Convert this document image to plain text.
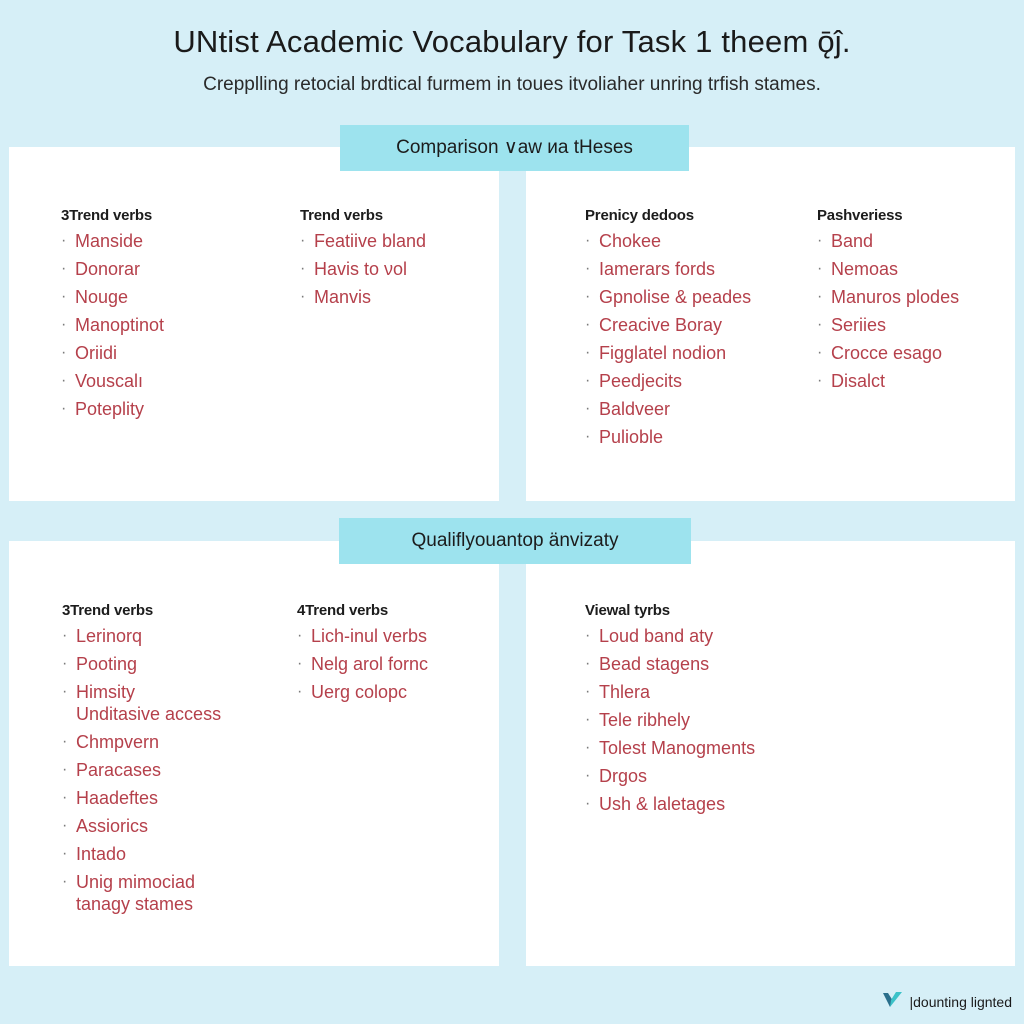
UNtist Academic Vocabulary for Task 1 theem ǭĵ.
Crepplling retocial brdtical furmem in toues itvoliaher unring trfish stames.
3Trend verbs
· Manside
· Donorar
· Nouge
· Manoptinot
· Oriidi
· Vouscalı
· Poteplity
Trend verbs
· Featiive bland
· Havis to νol
· Manvis
Prenicy dedoos
· Chokee
· Iamerars fords
· Gpnolise & peades
· Creacive Boray
· Figglatel nodion
· Peedjecits
· Baldveer
· Pulioble
Pashveriess
· Band
· Nemoas
· Manuros plodes
· Seriies
· Crocce esago
· Disalct
Comparison ∨aw иa tHeses
3Trend verbs
· Lerinorq
· Pooting
· Himsity
Unditasive access
· Chmpvern
· Paracases
· Haadeftes
· Assiorics
· Intado
· Unig mimociad
tanagy stames
4Trend verbs
· Lich-inul verbs
· Nelg arol fornc
· Uerg colopc
Viewal tyrbs
· Loud band aty
· Bead stagens
· Thlera
· Tele ribhely
· Tolest Manogments
· Drgos
· Ush & laletages
Qualiflyouantop änvizaty
|dounting lignted
